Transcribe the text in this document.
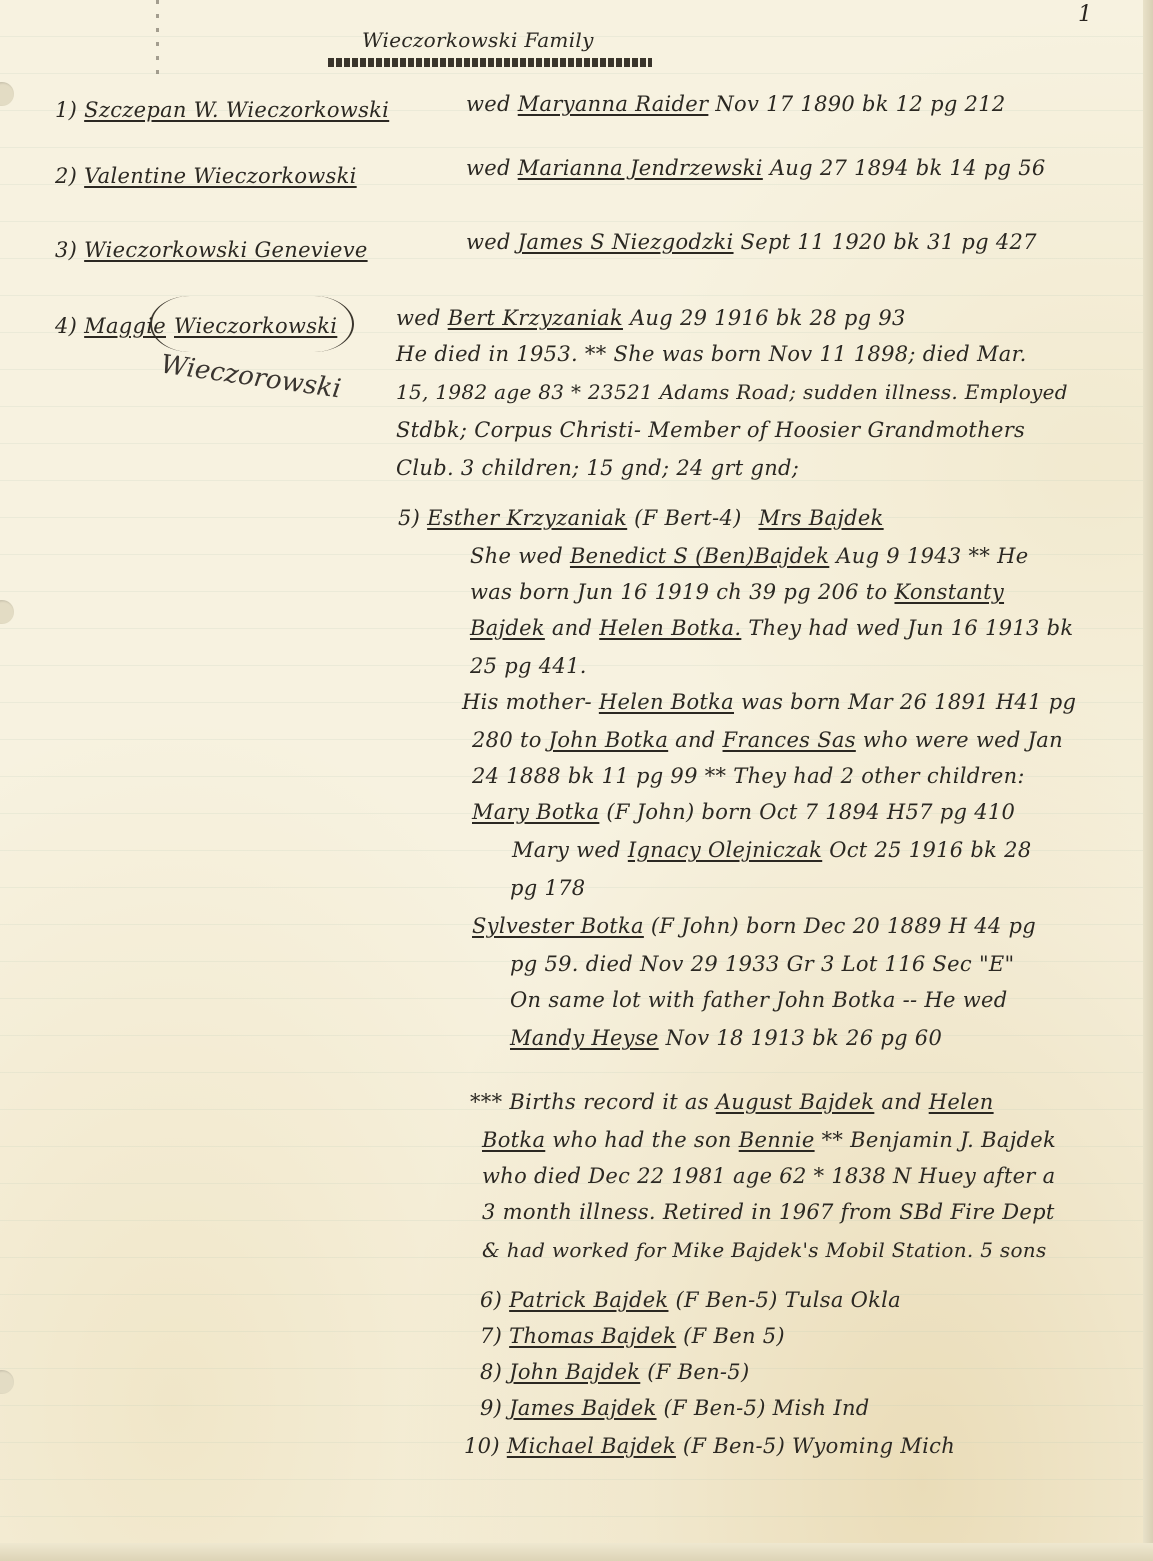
1
Wieczorkowski Family
1) Szczepan W. Wieczorkowski	wed Maryanna Raider Nov 17 1890 bk 12 pg 212
2) Valentine Wieczorkowski	wed Marianna Jendrzewski Aug 27 1894 bk 14 pg 56
3) Wieczorkowski Genevieve	wed James S Niezgodzki Sept 11 1920 bk 31 pg 427
4) Maggie Wieczorkowski
Wieczorowski
wed Bert Krzyzaniak Aug 29 1916 bk 28 pg 93
He died in 1953. ** She was born Nov 11 1898; died Mar.
15, 1982 age 83 * 23521 Adams Road; sudden illness. Employed
Stdbk; Corpus Christi- Member of Hoosier Grandmothers
Club. 3 children; 15 gnd; 24 grt gnd;
5) Esther Krzyzaniak (F Bert-4) Mrs Bajdek
She wed Benedict S (Ben)Bajdek Aug 9 1943 ** He
was born Jun 16 1919 ch 39 pg 206 to Konstanty
Bajdek and Helen Botka. They had wed Jun 16 1913 bk
25 pg 441.
His mother- Helen Botka was born Mar 26 1891 H41 pg
280 to John Botka and Frances Sas who were wed Jan
24 1888 bk 11 pg 99 ** They had 2 other children:
Mary Botka (F John) born Oct 7 1894 H57 pg 410
Mary wed Ignacy Olejniczak Oct 25 1916 bk 28
pg 178
Sylvester Botka (F John) born Dec 20 1889 H 44 pg
pg 59. died Nov 29 1933 Gr 3 Lot 116 Sec "E"
On same lot with father John Botka -- He wed
Mandy Heyse Nov 18 1913 bk 26 pg 60
*** Births record it as August Bajdek and Helen
Botka who had the son Bennie ** Benjamin J. Bajdek
who died Dec 22 1981 age 62 * 1838 N Huey after a
3 month illness. Retired in 1967 from SBd Fire Dept
& had worked for Mike Bajdek's Mobil Station. 5 sons
6) Patrick Bajdek (F Ben-5) Tulsa Okla
7) Thomas Bajdek (F Ben 5)
8) John Bajdek (F Ben-5)
9) James Bajdek (F Ben-5) Mish Ind
10) Michael Bajdek (F Ben-5) Wyoming Mich
